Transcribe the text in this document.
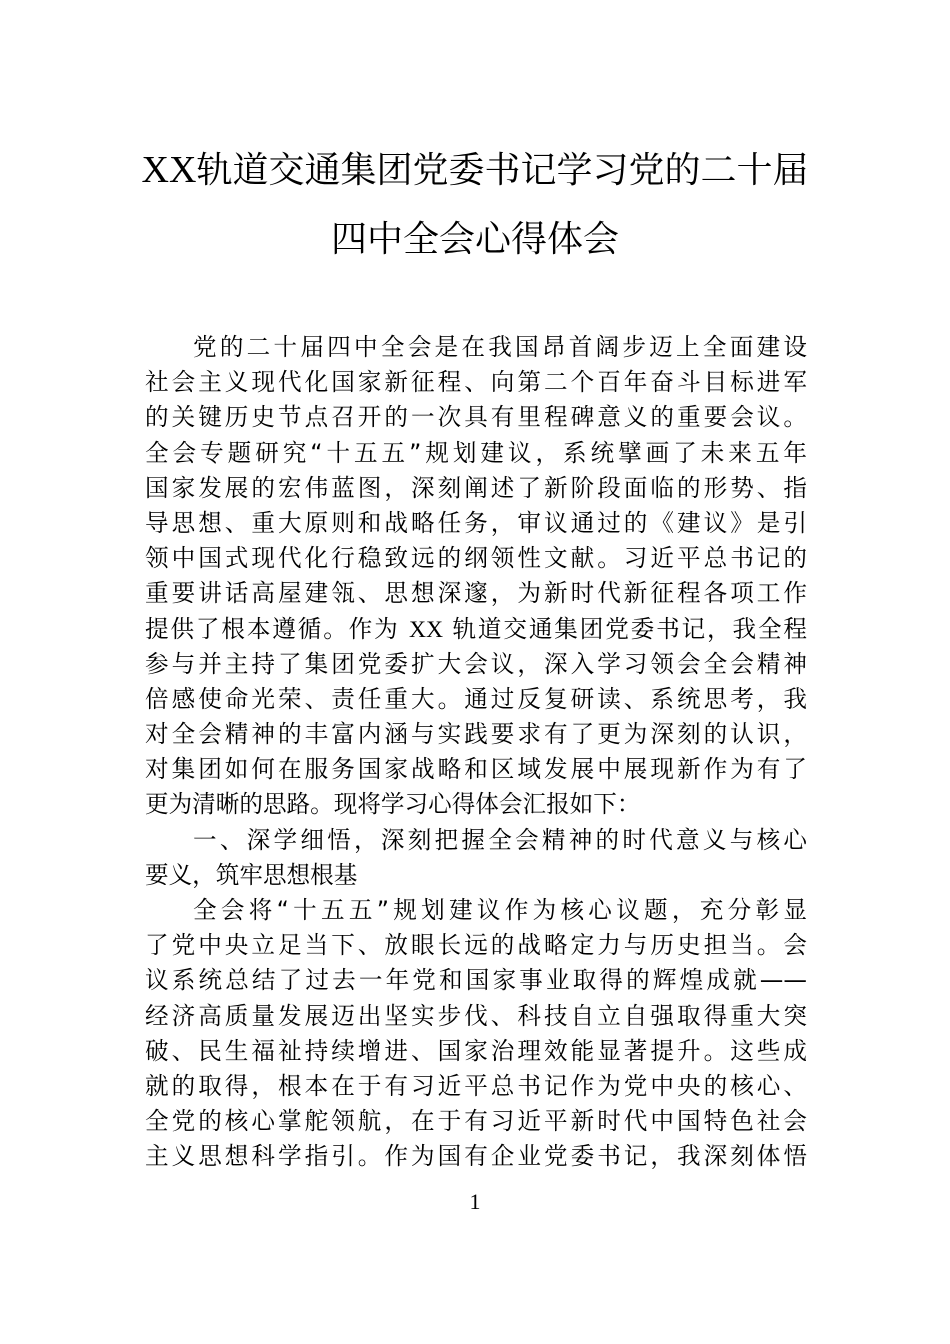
XX轨道交通集团党委书记学习党的二十届
四中全会心得体会
党的二十届四中全会是在我国昂首阔步迈上全面建设
社会主义现代化国家新征程、向第二个百年奋斗目标进军
的关键历史节点召开的一次具有里程碑意义的重要会议。
全会专题研究“十五五”规划建议，系统擘画了未来五年
国家发展的宏伟蓝图，深刻阐述了新阶段面临的形势、指
导思想、重大原则和战略任务，审议通过的《建议》是引
领中国式现代化行稳致远的纲领性文献。习近平总书记的
重要讲话高屋建瓴、思想深邃，为新时代新征程各项工作
提供了根本遵循。作为 XX 轨道交通集团党委书记，我全程
参与并主持了集团党委扩大会议，深入学习领会全会精神
倍感使命光荣、责任重大。通过反复研读、系统思考，我
对全会精神的丰富内涵与实践要求有了更为深刻的认识，
对集团如何在服务国家战略和区域发展中展现新作为有了
更为清晰的思路。现将学习心得体会汇报如下：
一、深学细悟，深刻把握全会精神的时代意义与核心
要义，筑牢思想根基
全会将“十五五”规划建议作为核心议题，充分彰显
了党中央立足当下、放眼长远的战略定力与历史担当。会
议系统总结了过去一年党和国家事业取得的辉煌成就——
经济高质量发展迈出坚实步伐、科技自立自强取得重大突
破、民生福祉持续增进、国家治理效能显著提升。这些成
就的取得，根本在于有习近平总书记作为党中央的核心、
全党的核心掌舵领航，在于有习近平新时代中国特色社会
主义思想科学指引。作为国有企业党委书记，我深刻体悟
1
